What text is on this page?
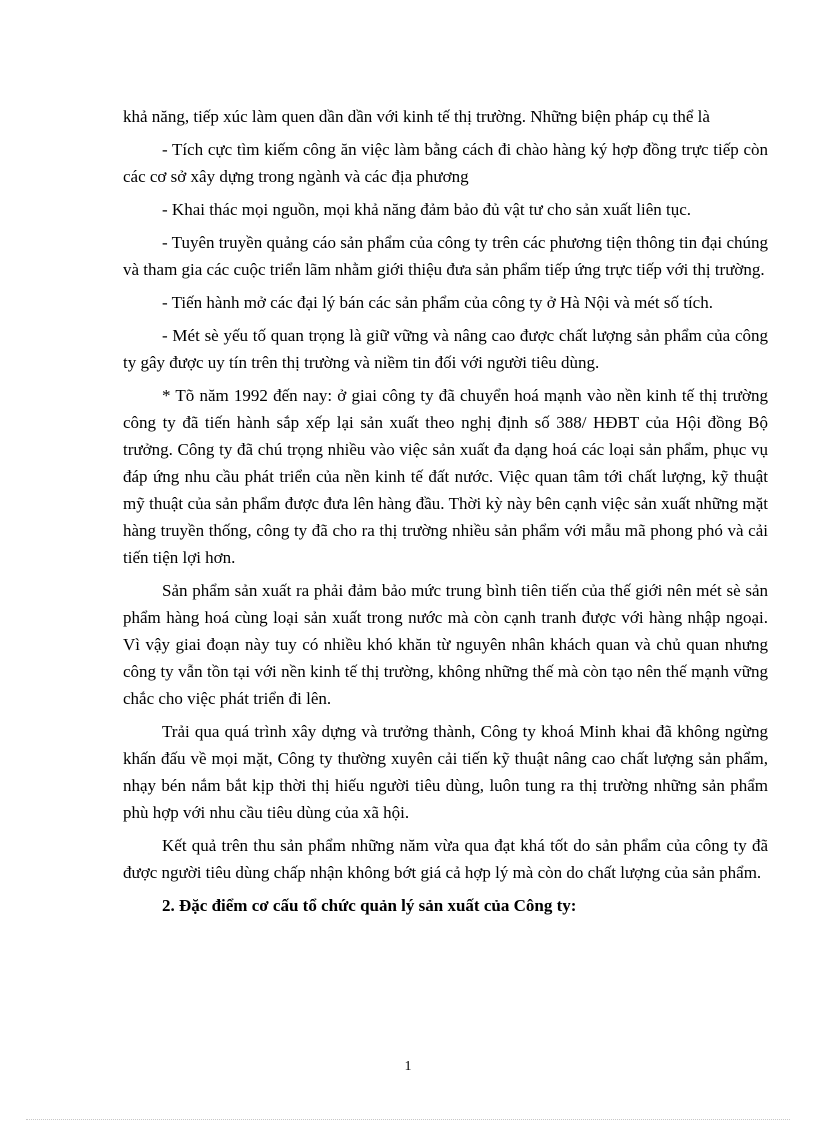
khả năng, tiếp xúc làm quen dần dần với kinh tế thị trường. Những biện pháp cụ thể là

- Tích cực tìm kiếm công ăn việc làm bằng cách đi chào hàng ký hợp đồng trực tiếp còn các cơ sở xây dựng trong ngành và các địa phương

- Khai thác mọi nguồn, mọi khả năng đảm bảo đủ vật tư cho sản xuất liên tục.

- Tuyên truyền quảng cáo sản phẩm của công ty trên các phương tiện thông tin đại chúng và tham gia các cuộc triển lãm nhằm giới thiệu đưa sản phẩm tiếp ứng trực tiếp với thị trường.

- Tiến hành mở các đại lý bán các sản phẩm của công ty ở Hà Nội và mét số tích.

- Mét sè yếu tố quan trọng là giữ vững và nâng cao được chất lượng sản phẩm của công ty gây được uy tín trên thị trường và niềm tin đối với người tiêu dùng.

* Tõ năm 1992 đến nay: ở giai công ty đã chuyển hoá mạnh vào nền kinh tế thị trường công ty đã tiến hành sắp xếp lại sản xuất theo nghị định số 388/ HĐBT của Hội đồng Bộ trưởng. Công ty đã chú trọng nhiều vào việc sản xuất đa dạng hoá các loại sản phẩm, phục vụ đáp ứng nhu cầu phát triển của nền kinh tế đất nước. Việc quan tâm tới chất lượng, kỹ thuật mỹ thuật của sản phẩm được đưa lên hàng đầu. Thời kỳ này bên cạnh việc sản xuất những mặt hàng truyền thống, công ty đã cho ra thị trường nhiều sản phẩm với mẫu mã phong phó và cải tiến tiện lợi hơn.

Sản phẩm sản xuất ra phải đảm bảo mức trung bình tiên tiến của thế giới nên mét sè sản phẩm hàng hoá cùng loại sản xuất trong nước mà còn cạnh tranh được với hàng nhập ngoại. Vì vậy giai đoạn này tuy có nhiều khó khăn từ nguyên nhân khách quan và chủ quan nhưng công ty vẫn tồn tại với nền kinh tế thị trường, không những thế mà còn tạo nên thế mạnh vững chắc cho việc phát triển đi lên.

Trải qua quá trình xây dựng và trưởng thành, Công ty khoá Minh khai đã không ngừng khấn đấu về mọi mặt, Công ty thường xuyên cải tiến kỹ thuật nâng cao chất lượng sản phẩm, nhạy bén nắm bắt kịp thời thị hiếu người tiêu dùng, luôn tung ra thị trường những sản phẩm phù hợp với nhu cầu tiêu dùng của xã hội.

Kết quả trên thu sản phẩm những năm vừa qua đạt khá tốt do sản phẩm của công ty đã được người tiêu dùng chấp nhận không bớt giá cả hợp lý mà còn do chất lượng của sản phẩm.

2. Đặc điểm cơ cấu tổ chức quản lý sản xuất của Công ty:

1
